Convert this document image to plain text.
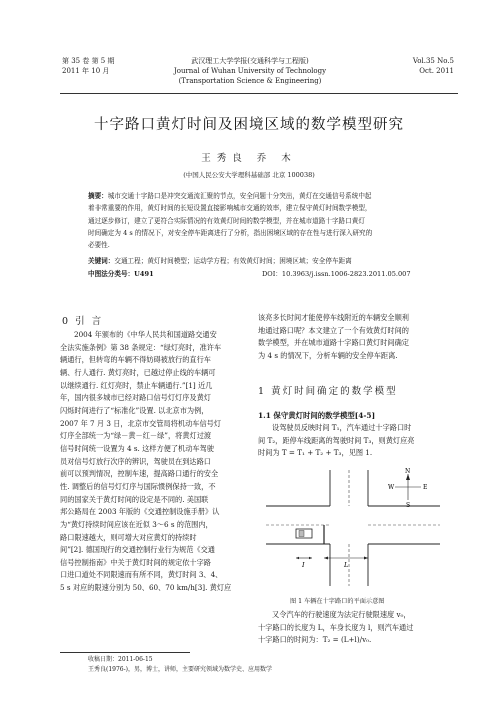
第 35 卷 第 5 期
2011 年 10 月
武汉理工大学学报(交通科学与工程版)
Journal of Wuhan University of Technology
(Transportation Science & Engineering)
Vol.35 No.5
Oct. 2011
十字路口黄灯时间及困境区域的数学模型研究
王秀良 乔 木
(中国人民公安大学理科基础部 北京 100038)
摘要：城市交通十字路口是冲突交通流汇聚的节点，安全问题十分突出，黄灯在交通信号系统中起
着非常重要的作用，黄灯时间的长短设置直接影响城市交通的效率，建立保守黄灯时间数学模型，
通过逐步修订，建立了更符合实际情况的有效黄灯时间的数学模型，并在城市道路十字路口黄灯
时间确定为 4 s 的情况下，对安全停车距离进行了分析，指出困境区域的存在性与进行深入研究的
必要性.
关键词：交通工程；黄灯时间模型；运动学方程；有效黄灯时间；困境区域；安全停车距离
中图法分类号：U491	DOI：10.3963/j.issn.1006-2823.2011.05.007
0 引 言
2004 年颁布的《中华人民共和国道路交通安
全法实施条例》第 38 条规定：“绿灯亮时，准许车
辆通行，但转弯的车辆不得妨碍被放行的直行车
辆、行人通行. 黄灯亮时，已越过停止线的车辆可
以继续通行. 红灯亮时，禁止车辆通行.”[1] 近几
年，国内很多城市已经对路口信号灯灯序及黄灯
闪烁时间进行了“标准化”设置. 以北京市为例，
2007 年 7 月 3 日，北京市交管局将机动车信号灯
灯序全部统一为“绿－黄－红－绿”，将黄灯过渡
信号时间统一设置为 4 s. 这样方便了机动车驾驶
员对信号灯放行次序的辨识，驾驶员在到达路口
前可以预判情况，控制车速，提高路口通行的安全
性. 调整后的信号灯灯序与国际惯例保持一致，不
同的国家关于黄灯时间的设定是不同的. 美国联
邦公路局在 2003 年版的《交通控制设施手册》认
为“黄灯持续时间应该在近似 3～6 s 的范围内，
路口限速越大，则可增大对应黄灯的持续时
间”[2]. 德国现行的交通控制行业行为规范《交通
信号控制指南》中关于黄灯时间的规定依十字路
口进口道处不同限速而有所不同，黄灯时间 3、4、
5 s 对应的限速分别为 50、60、70 km/h[3]. 黄灯应
该亮多长时间才能使停车线附近的车辆安全顺利
地通过路口呢？本文建立了一个有效黄灯时间的
数学模型，并在城市道路十字路口黄灯时间确定
为 4 s 的情况下，分析车辆的安全停车距离.
1 黄灯时间确定的数学模型
1.1 保守黄灯时间的数学模型[4-5]
设驾驶员反映时间 T₁，汽车通过十字路口时
间 T₂，距停车线距离的驾驶时间 T₃，则黄灯应亮
时间为 T = T₁ + T₂ + T₃，见图 1.
N
W	E
S
L
I
图 1 车辆在十字路口的平面示意图
又令汽车的行驶速度为法定行驶限速度 v₀，
十字路口的长度为 L，车身长度为 l，则汽车通过
十字路口的时间为：T₂ = (L+l)/v₀.
收稿日期：2011-06-15
王秀良(1976-)，男，博士，讲师，主要研究领域为数学史、应用数学
